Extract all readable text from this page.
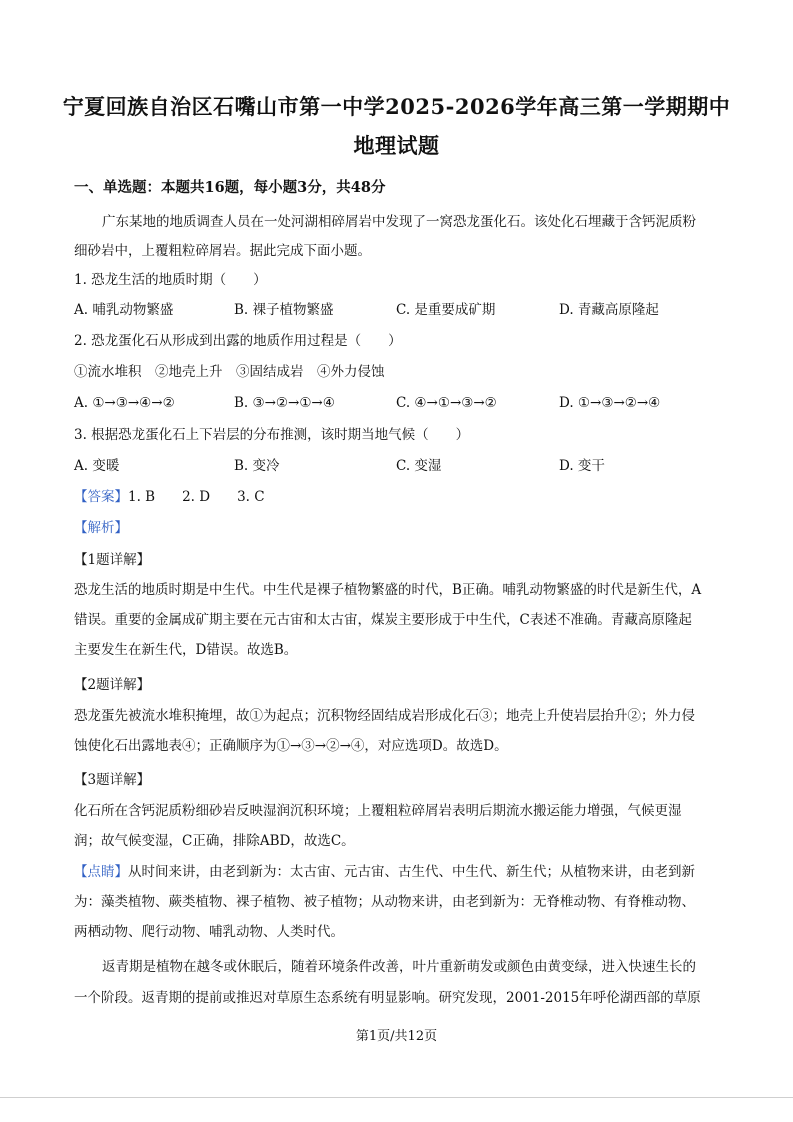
宁夏回族自治区石嘴山市第一中学2025-2026学年高三第一学期期中
地理试题
一、单选题：本题共16题，每小题3分，共48分
广东某地的地质调查人员在一处河湖相碎屑岩中发现了一窝恐龙蛋化石。该处化石埋藏于含钙泥质粉
细砂岩中，上覆粗粒碎屑岩。据此完成下面小题。
1. 恐龙生活的地质时期（　　）
A. 哺乳动物繁盛	B. 裸子植物繁盛	C. 是重要成矿期	D. 青藏高原隆起
2. 恐龙蛋化石从形成到出露的地质作用过程是（　　）
①流水堆积　②地壳上升　③固结成岩　④外力侵蚀
A. ①→③→④→②	B. ③→②→①→④	C. ④→①→③→②	D. ①→③→②→④
3. 根据恐龙蛋化石上下岩层的分布推测，该时期当地气候（　　）
A. 变暖	B. 变冷	C. 变湿	D. 变干
【答案】1. B　　2. D　　3. C
【解析】
【1题详解】
恐龙生活的地质时期是中生代。中生代是裸子植物繁盛的时代，B正确。哺乳动物繁盛的时代是新生代，A
错误。重要的金属成矿期主要在元古宙和太古宙，煤炭主要形成于中生代，C表述不准确。青藏高原隆起
主要发生在新生代，D错误。故选B。
【2题详解】
恐龙蛋先被流水堆积掩埋，故①为起点；沉积物经固结成岩形成化石③；地壳上升使岩层抬升②；外力侵
蚀使化石出露地表④；正确顺序为①→③→②→④，对应选项D。故选D。
【3题详解】
化石所在含钙泥质粉细砂岩反映湿润沉积环境；上覆粗粒碎屑岩表明后期流水搬运能力增强，气候更湿
润；故气候变湿，C正确，排除ABD，故选C。
【点睛】从时间来讲，由老到新为：太古宙、元古宙、古生代、中生代、新生代；从植物来讲，由老到新
为：藻类植物、蕨类植物、裸子植物、被子植物；从动物来讲，由老到新为：无脊椎动物、有脊椎动物、
两栖动物、爬行动物、哺乳动物、人类时代。
返青期是植物在越冬或休眠后，随着环境条件改善，叶片重新萌发或颜色由黄变绿，进入快速生长的
一个阶段。返青期的提前或推迟对草原生态系统有明显影响。研究发现，2001-2015年呼伦湖西部的草原
第1页/共12页
